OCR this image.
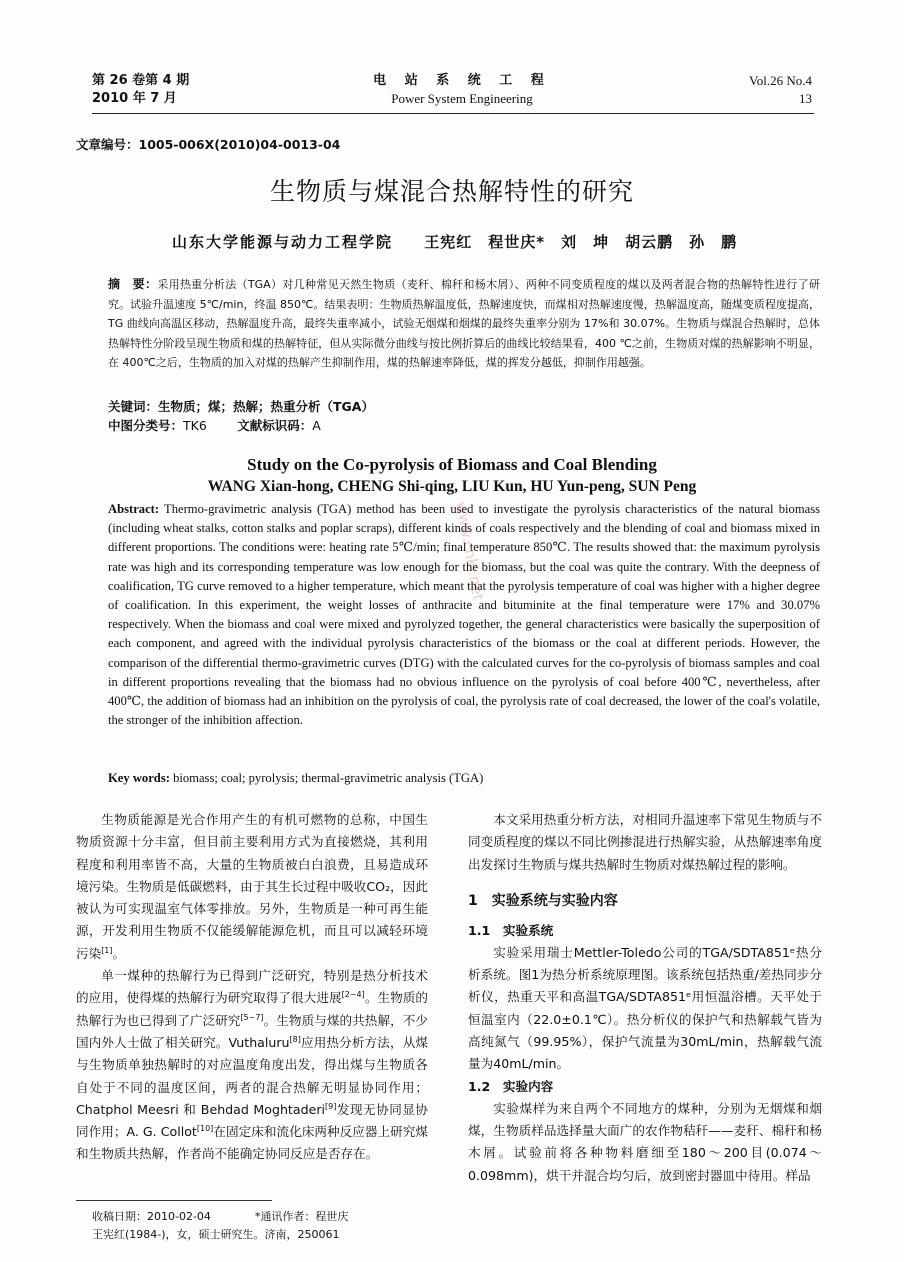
第 26 卷第 4 期
2010 年 7 月
电 站 系 统 工 程
Power System Engineering
Vol.26 No.4
13
文章编号：1005-006X(2010)04-0013-04
生物质与煤混合热解特性的研究
山东大学能源与动力工程学院 王宪红　程世庆*　刘　坤　胡云鹏　孙　鹏
摘　要：采用热重分析法（TGA）对几种常见天然生物质（麦秆、棉秆和杨木屑）、两种不同变质程度的煤以及两者混合物的热解特性进行了研究。试验升温速度 5℃/min，终温 850℃。结果表明：生物质热解温度低，热解速度快，而煤相对热解速度慢，热解温度高，随煤变质程度提高，TG 曲线向高温区移动，热解温度升高，最终失重率减小，试验无烟煤和烟煤的最终失重率分别为 17%和 30.07%。生物质与煤混合热解时，总体热解特性分阶段呈现生物质和煤的热解特征，但从实际微分曲线与按比例折算后的曲线比较结果看，400 ℃之前，生物质对煤的热解影响不明显，在 400℃之后，生物质的加入对煤的热解产生抑制作用，煤的热解速率降低，煤的挥发分越低，抑制作用越强。
关键词：生物质；煤；热解；热重分析（TGA）
中图分类号：TK6 文献标识码：A
Study on the Co-pyrolysis of Biomass and Coal Blending
WANG Xian-hong, CHENG Shi-qing, LIU Kun, HU Yun-peng, SUN Peng
Abstract: Thermo-gravimetric analysis (TGA) method has been used to investigate the pyrolysis characteristics of the natural biomass (including wheat stalks, cotton stalks and poplar scraps), different kinds of coals respectively and the blending of coal and biomass mixed in different proportions. The conditions were: heating rate 5℃/min; final temperature 850℃. The results showed that: the maximum pyrolysis rate was high and its corresponding temperature was low enough for the biomass, but the coal was quite the contrary. With the deepness of coalification, TG curve removed to a higher temperature, which meant that the pyrolysis temperature of coal was higher with a higher degree of coalification. In this experiment, the weight losses of anthracite and bituminite at the final temperature were 17% and 30.07% respectively. When the biomass and coal were mixed and pyrolyzed together, the general characteristics were basically the superposition of each component, and agreed with the individual pyrolysis characteristics of the biomass or the coal at different periods. However, the comparison of the differential thermo-gravimetric curves (DTG) with the calculated curves for the co-pyrolysis of biomass samples and coal in different proportions revealing that the biomass had no obvious influence on the pyrolysis of coal before 400℃, nevertheless, after 400℃, the addition of biomass had an inhibition on the pyrolysis of coal, the pyrolysis rate of coal decreased, the lower of the coal's volatile, the stronger of the inhibition affection.
Key words: biomass; coal; pyrolysis; thermal-gravimetric analysis (TGA)
www.cnki.net

生物质能源是光合作用产生的有机可燃物的总称，中国生物质资源十分丰富，但目前主要利用方式为直接燃烧，其利用程度和利用率皆不高，大量的生物质被白白浪费，且易造成环境污染。生物质是低碳燃料，由于其生长过程中吸收CO₂，因此被认为可实现温室气体零排放。另外，生物质是一种可再生能源，开发利用生物质不仅能缓解能源危机，而且可以减轻环境污染[1]。

单一煤种的热解行为已得到广泛研究，特别是热分析技术的应用，使得煤的热解行为研究取得了很大进展[2~4]。生物质的热解行为也已得到了广泛研究[5~7]。生物质与煤的共热解，不少国内外人士做了相关研究。Vuthaluru[8]应用热分析方法，从煤与生物质单独热解时的对应温度角度出发，得出煤与生物质各自处于不同的温度区间，两者的混合热解无明显协同作用；Chatphol Meesri 和 Behdad Moghtaderi[9]发现无协同显协同作用；A. G. Collot[10]在固定床和流化床两种反应器上研究煤和生物质共热解，作者尚不能确定协同反应是否存在。

收稿日期：2010-02-04	*通讯作者：程世庆
王宪红(1984-)，女，硕士研究生。济南，250061

本文采用热重分析方法，对相同升温速率下常见生物质与不同变质程度的煤以不同比例掺混进行热解实验，从热解速率角度出发探讨生物质与煤共热解时生物质对煤热解过程的影响。

1　实验系统与实验内容
1.1　实验系统

实验采用瑞士Mettler-Toledo公司的TGA/SDTA851ᵉ热分析系统。图1为热分析系统原理图。该系统包括热重/差热同步分析仪，热重天平和高温TGA/SDTA851ᵉ用恒温浴槽。天平处于恒温室内（22.0±0.1℃）。热分析仪的保护气和热解载气皆为高纯氮气（99.95%），保护气流量为30mL/min，热解载气流量为40mL/min。

1.2　实验内容

实验煤样为来自两个不同地方的煤种，分别为无烟煤和烟煤，生物质样品选择量大面广的农作物秸秆——麦秆、棉秆和杨木屑。试验前将各种物料磨细至180～200目(0.074～0.098mm)，烘干并混合均匀后，放到密封器皿中待用。样品
